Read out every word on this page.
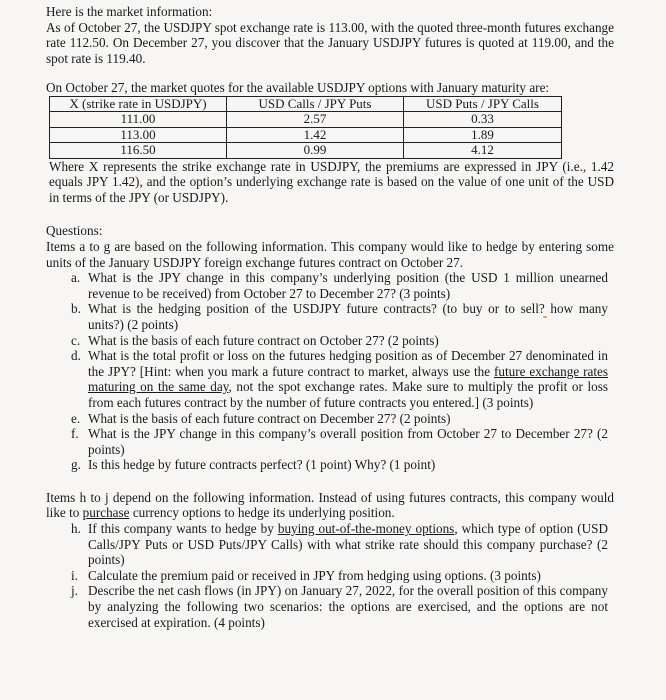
Here is the market information:
As of October 27, the USDJPY spot exchange rate is 113.00, with the quoted three-month futures exchange rate 112.50. On December 27, you discover that the January USDJPY futures is quoted at 119.00, and the spot rate is 119.40.
On October 27, the market quotes for the available USDJPY options with January maturity are:
X (strike rate in USDJPY)	USD Calls / JPY Puts	USD Puts / JPY Calls
111.00	2.57	0.33
113.00	1.42	1.89
116.50	0.99	4.12
Where X represents the strike exchange rate in USDJPY, the premiums are expressed in JPY (i.e., 1.42 equals JPY 1.42), and the option’s underlying exchange rate is based on the value of one unit of the USD in terms of the JPY (or USDJPY).
Questions:
Items a to g are based on the following information. This company would like to hedge by entering some units of the January USDJPY foreign exchange futures contract on October 27.
a. What is the JPY change in this company’s underlying position (the USD 1 million unearned revenue to be received) from October 27 to December 27? (3 points)
b. What is the hedging position of the USDJPY future contracts? (to buy or to sell? how many units?) (2 points)
c. What is the basis of each future contract on October 27? (2 points)
d. What is the total profit or loss on the futures hedging position as of December 27 denominated in the JPY? [Hint: when you mark a future contract to market, always use the future exchange rates maturing on the same day, not the spot exchange rates. Make sure to multiply the profit or loss from each futures contract by the number of future contracts you entered.] (3 points)
e. What is the basis of each future contract on December 27? (2 points)
f. What is the JPY change in this company’s overall position from October 27 to December 27? (2 points)
g. Is this hedge by future contracts perfect? (1 point) Why? (1 point)
Items h to j depend on the following information. Instead of using futures contracts, this company would like to purchase currency options to hedge its underlying position.
h. If this company wants to hedge by buying out-of-the-money options, which type of option (USD Calls/JPY Puts or USD Puts/JPY Calls) with what strike rate should this company purchase? (2 points)
i. Calculate the premium paid or received in JPY from hedging using options. (3 points)
j. Describe the net cash flows (in JPY) on January 27, 2022, for the overall position of this company by analyzing the following two scenarios: the options are exercised, and the options are not exercised at expiration. (4 points)
